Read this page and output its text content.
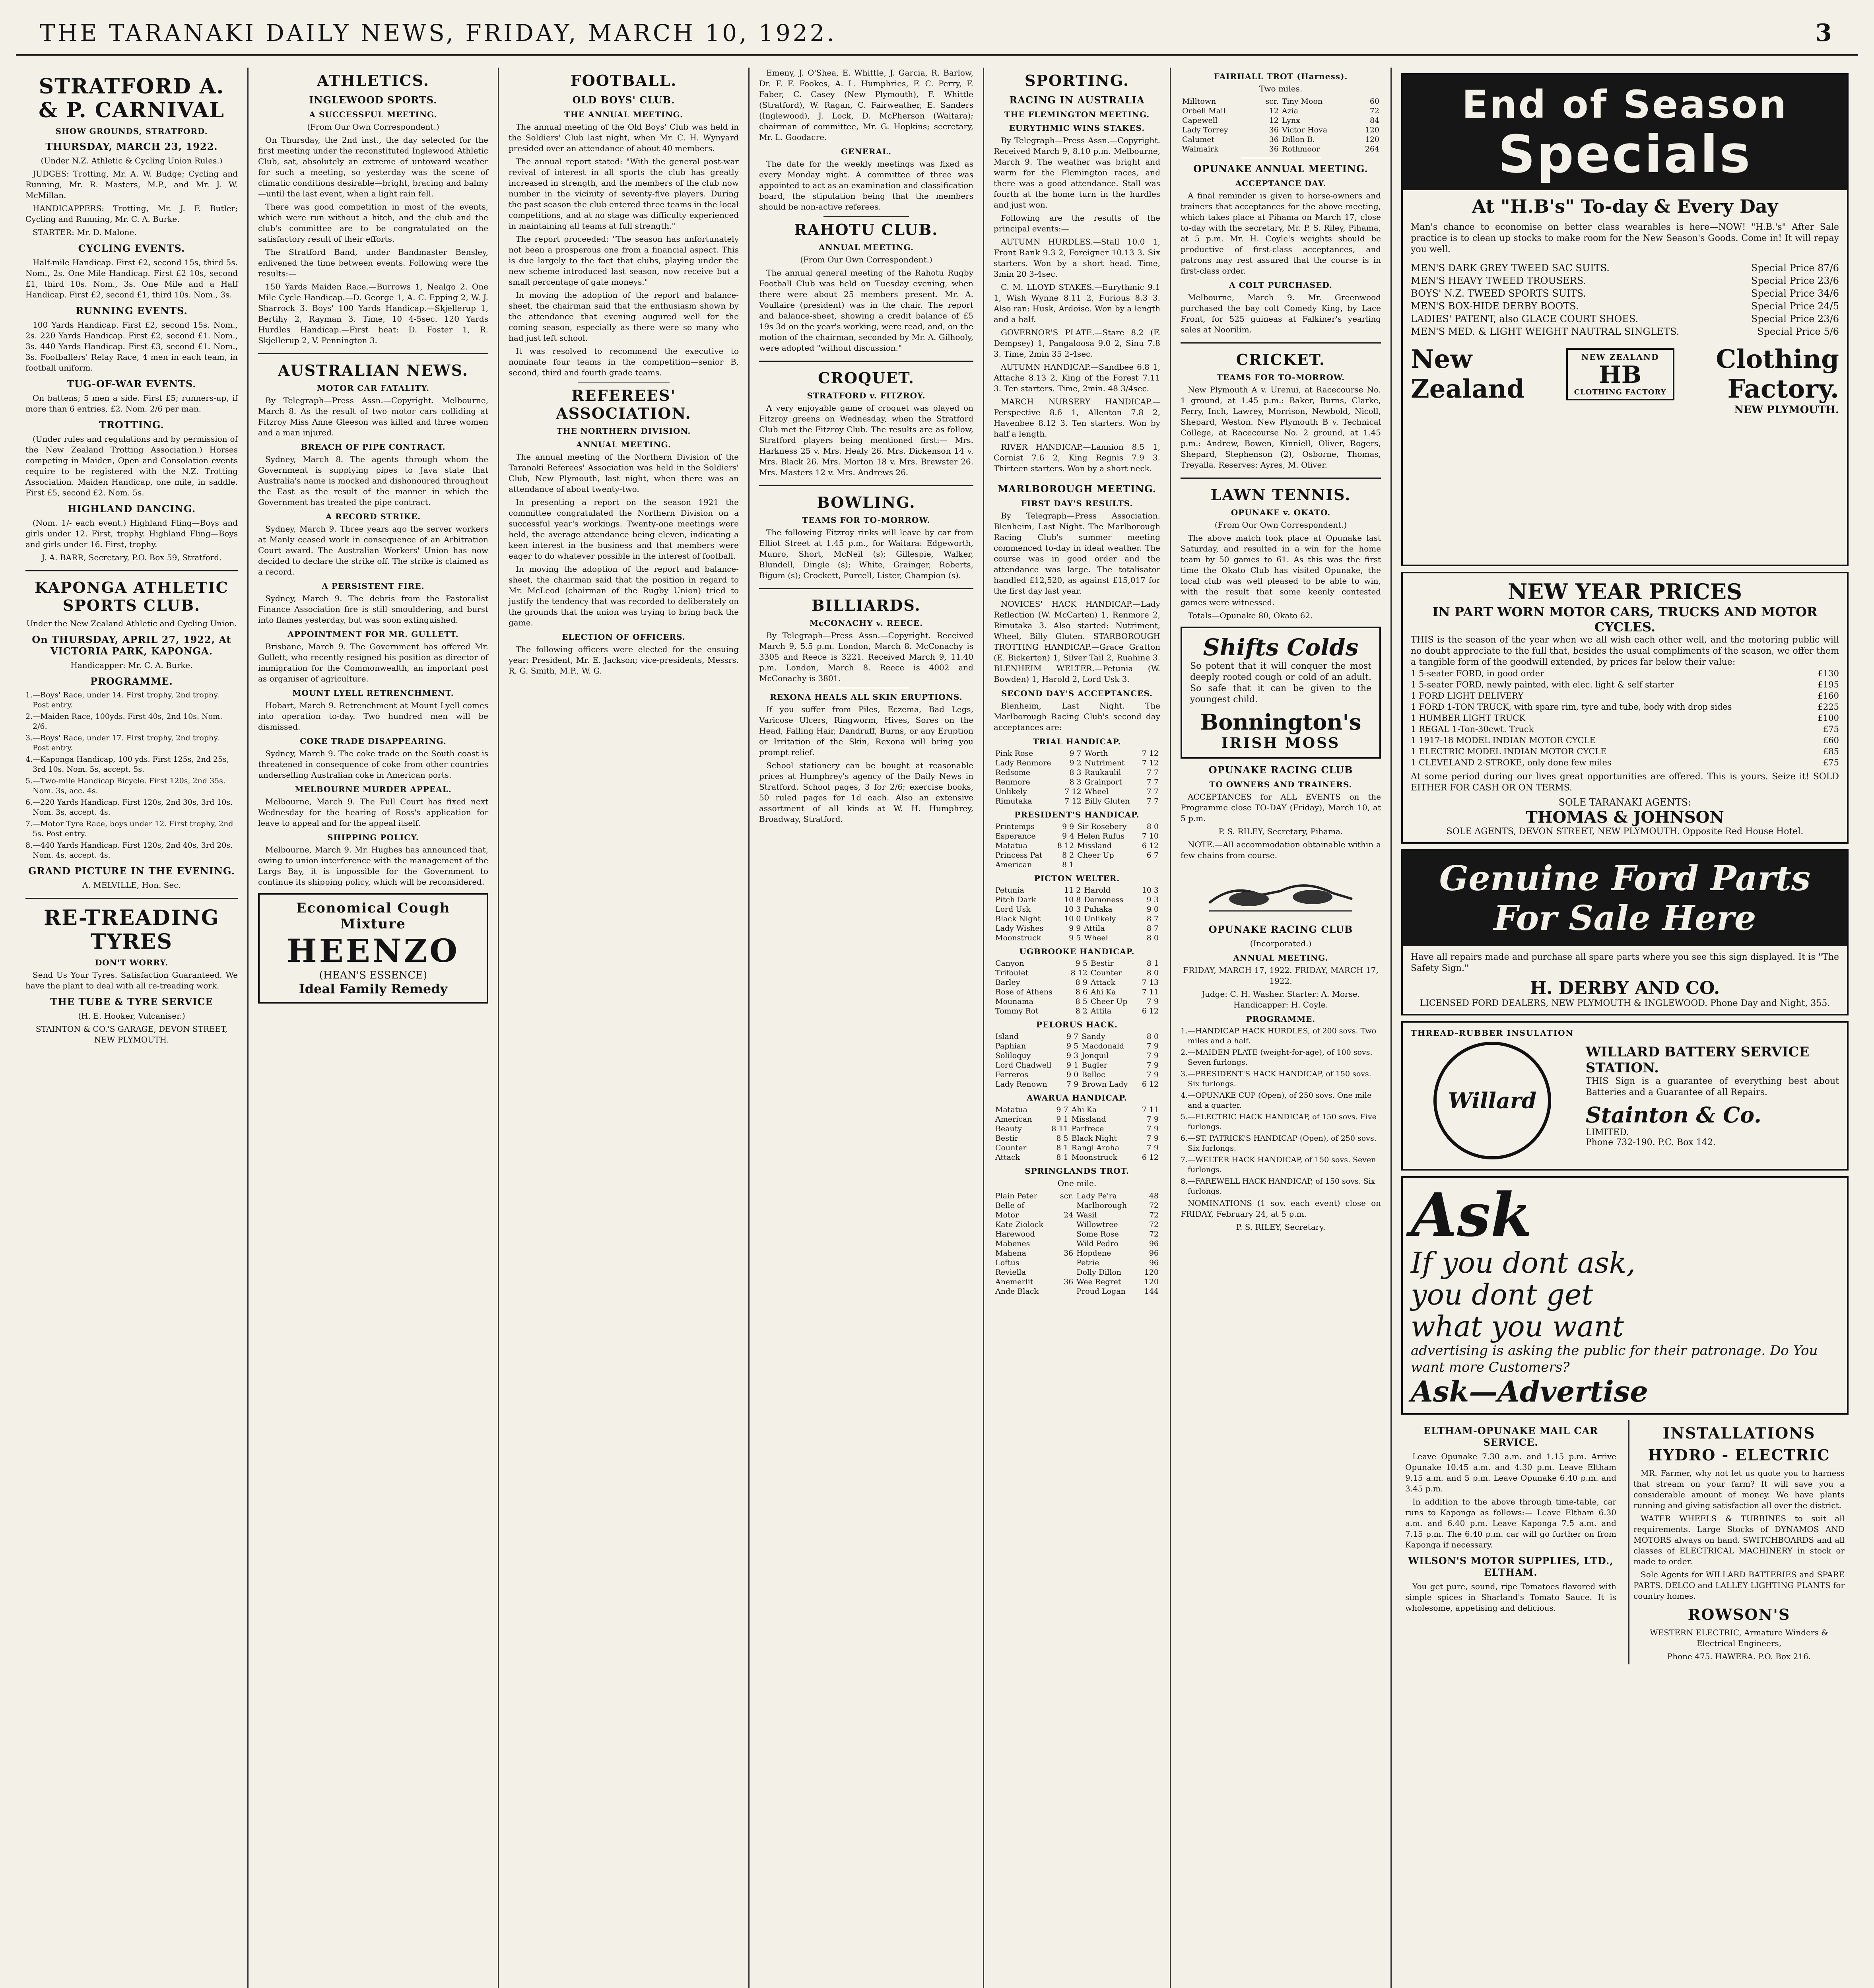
THE TARANAKI DAILY NEWS, FRIDAY, MARCH 10, 1922.	3
STRATFORD A. & P. CARNIVAL
SHOW GROUNDS, STRATFORD.
THURSDAY, MARCH 23, 1922.

(Under N.Z. Athletic & Cycling Union Rules.)

JUDGES: Trotting, Mr. A. W. Budge; Cycling and Running, Mr. R. Masters, M.P., and Mr. J. W. McMillan.

HANDICAPPERS: Trotting, Mr. J. F. Butler; Cycling and Running, Mr. C. A. Burke.

STARTER: Mr. D. Malone.

CYCLING EVENTS.

Half-mile Handicap. First £2, second 15s, third 5s. Nom., 2s. One Mile Handicap. First £2 10s, second £1, third 10s. Nom., 3s. One Mile and a Half Handicap. First £2, second £1, third 10s. Nom., 3s.

RUNNING EVENTS.

100 Yards Handicap. First £2, second 15s. Nom., 2s. 220 Yards Handicap. First £2, second £1. Nom., 3s. 440 Yards Handicap. First £3, second £1. Nom., 3s. Footballers' Relay Race, 4 men in each team, in football uniform.

TUG-OF-WAR EVENTS.

On battens; 5 men a side. First £5; runners-up, if more than 6 entries, £2. Nom. 2/6 per man.

TROTTING.

(Under rules and regulations and by permission of the New Zealand Trotting Association.) Horses competing in Maiden, Open and Consolation events require to be registered with the N.Z. Trotting Association. Maiden Handicap, one mile, in saddle. First £5, second £2. Nom. 5s.

HIGHLAND DANCING.

(Nom. 1/- each event.) Highland Fling—Boys and girls under 12. First, trophy. Highland Fling—Boys and girls under 16. First, trophy.

J. A. BARR, Secretary, P.O. Box 59, Stratford.

KAPONGA ATHLETIC SPORTS CLUB.

Under the New Zealand Athletic and Cycling Union.

On THURSDAY, APRIL 27, 1922, At VICTORIA PARK, KAPONGA.

Handicapper: Mr. C. A. Burke.

PROGRAMME.

1.—Boys' Race, under 14. First trophy, 2nd trophy. Post entry.

2.—Maiden Race, 100yds. First 40s, 2nd 10s. Nom. 2/6.

3.—Boys' Race, under 17. First trophy, 2nd trophy. Post entry.

4.—Kaponga Handicap, 100 yds. First 125s, 2nd 25s, 3rd 10s. Nom. 5s, accept. 5s.

5.—Two-mile Handicap Bicycle. First 120s, 2nd 35s. Nom. 3s, acc. 4s.

6.—220 Yards Handicap. First 120s, 2nd 30s, 3rd 10s. Nom. 3s, accept. 4s.

7.—Motor Tyre Race, boys under 12. First trophy, 2nd 5s. Post entry.

8.—440 Yards Handicap. First 120s, 2nd 40s, 3rd 20s. Nom. 4s, accept. 4s.

GRAND PICTURE IN THE EVENING.

A. MELVILLE, Hon. Sec.

RE-TREADING TYRES
DON'T WORRY.

Send Us Your Tyres. Satisfaction Guaranteed. We have the plant to deal with all re-treading work.

THE TUBE & TYRE SERVICE

(H. E. Hooker, Vulcaniser.)

STAINTON & CO.'S GARAGE, DEVON STREET, NEW PLYMOUTH.

ATHLETICS.
INGLEWOOD SPORTS.
A SUCCESSFUL MEETING.

(From Our Own Correspondent.)

On Thursday, the 2nd inst., the day selected for the first meeting under the reconstituted Inglewood Athletic Club, sat, absolutely an extreme of untoward weather for such a meeting, so yesterday was the scene of climatic conditions desirable—bright, bracing and balmy—until the last event, when a light rain fell.

There was good competition in most of the events, which were run without a hitch, and the club and the club's committee are to be congratulated on the satisfactory result of their efforts.

The Stratford Band, under Bandmaster Bensley, enlivened the time between events. Following were the results:—

150 Yards Maiden Race.—Burrows 1, Nealgo 2. One Mile Cycle Handicap.—D. George 1, A. C. Epping 2, W. J. Sharrock 3. Boys' 100 Yards Handicap.—Skjellerup 1, Bertihy 2, Rayman 3. Time, 10 4-5sec. 120 Yards Hurdles Handicap.—First heat: D. Foster 1, R. Skjellerup 2, V. Pennington 3.

AUSTRALIAN NEWS.
MOTOR CAR FATALITY.

By Telegraph—Press Assn.—Copyright. Melbourne, March 8. As the result of two motor cars colliding at Fitzroy Miss Anne Gleeson was killed and three women and a man injured.

BREACH OF PIPE CONTRACT.

Sydney, March 8. The agents through whom the Government is supplying pipes to Java state that Australia's name is mocked and dishonoured throughout the East as the result of the manner in which the Government has treated the pipe contract.

A RECORD STRIKE.

Sydney, March 9. Three years ago the server workers at Manly ceased work in consequence of an Arbitration Court award. The Australian Workers' Union has now decided to declare the strike off. The strike is claimed as a record.

A PERSISTENT FIRE.

Sydney, March 9. The debris from the Pastoralist Finance Association fire is still smouldering, and burst into flames yesterday, but was soon extinguished.

APPOINTMENT FOR MR. GULLETT.

Brisbane, March 9. The Government has offered Mr. Gullett, who recently resigned his position as director of immigration for the Commonwealth, an important post as organiser of agriculture.

MOUNT LYELL RETRENCHMENT.

Hobart, March 9. Retrenchment at Mount Lyell comes into operation to-day. Two hundred men will be dismissed.

COKE TRADE DISAPPEARING.

Sydney, March 9. The coke trade on the South coast is threatened in consequence of coke from other countries underselling Australian coke in American ports.

MELBOURNE MURDER APPEAL.

Melbourne, March 9. The Full Court has fixed next Wednesday for the hearing of Ross's application for leave to appeal and for the appeal itself.

SHIPPING POLICY.

Melbourne, March 9. Mr. Hughes has announced that, owing to union interference with the management of the Largs Bay, it is impossible for the Government to continue its shipping policy, which will be reconsidered.

Economical Cough Mixture
HEENZO
(HEAN'S ESSENCE)
Ideal Family Remedy
FOOTBALL.
OLD BOYS' CLUB.
THE ANNUAL MEETING.

The annual meeting of the Old Boys' Club was held in the Soldiers' Club last night, when Mr. C. H. Wynyard presided over an attendance of about 40 members.

The annual report stated: "With the general post-war revival of interest in all sports the club has greatly increased in strength, and the members of the club now number in the vicinity of seventy-five players. During the past season the club entered three teams in the local competitions, and at no stage was difficulty experienced in maintaining all teams at full strength."

The report proceeded: "The season has unfortunately not been a prosperous one from a financial aspect. This is due largely to the fact that clubs, playing under the new scheme introduced last season, now receive but a small percentage of gate moneys."

In moving the adoption of the report and balance-sheet, the chairman said that the enthusiasm shown by the attendance that evening augured well for the coming season, especially as there were so many who had just left school.

It was resolved to recommend the executive to nominate four teams in the competition—senior B, second, third and fourth grade teams.

REFEREES' ASSOCIATION.
THE NORTHERN DIVISION.
ANNUAL MEETING.

The annual meeting of the Northern Division of the Taranaki Referees' Association was held in the Soldiers' Club, New Plymouth, last night, when there was an attendance of about twenty-two.

In presenting a report on the season 1921 the committee congratulated the Northern Division on a successful year's workings. Twenty-one meetings were held, the average attendance being eleven, indicating a keen interest in the business and that members were eager to do whatever possible in the interest of football.

In moving the adoption of the report and balance-sheet, the chairman said that the position in regard to Mr. McLeod (chairman of the Rugby Union) tried to justify the tendency that was recorded to deliberately on the grounds that the union was trying to bring back the game.

ELECTION OF OFFICERS.

The following officers were elected for the ensuing year: President, Mr. E. Jackson; vice-presidents, Messrs. R. G. Smith, M.P., W. G.

Emeny, J. O'Shea, E. Whittle, J. Garcia, R. Barlow, Dr. F. F. Fookes, A. L. Humphries, F. C. Perry, F. Faber, C. Casey (New Plymouth), F. Whittle (Stratford), W. Ragan, C. Fairweather, E. Sanders (Inglewood), J. Lock, D. McPherson (Waitara); chairman of committee, Mr. G. Hopkins; secretary, Mr. L. Goodacre.

GENERAL.

The date for the weekly meetings was fixed as every Monday night. A committee of three was appointed to act as an examination and classification board, the stipulation being that the members should be non-active referees.

RAHOTU CLUB.
ANNUAL MEETING.

(From Our Own Correspondent.)

The annual general meeting of the Rahotu Rugby Football Club was held on Tuesday evening, when there were about 25 members present. Mr. A. Voullaire (president) was in the chair. The report and balance-sheet, showing a credit balance of £5 19s 3d on the year's working, were read, and, on the motion of the chairman, seconded by Mr. A. Gilhooly, were adopted "without discussion."

CROQUET.
STRATFORD v. FITZROY.

A very enjoyable game of croquet was played on Fitzroy greens on Wednesday, when the Stratford Club met the Fitzroy Club. The results are as follow, Stratford players being mentioned first:— Mrs. Harkness 25 v. Mrs. Healy 26. Mrs. Dickenson 14 v. Mrs. Black 26. Mrs. Morton 18 v. Mrs. Brewster 26. Mrs. Masters 12 v. Mrs. Andrews 26.

BOWLING.
TEAMS FOR TO-MORROW.

The following Fitzroy rinks will leave by car from Elliot Street at 1.45 p.m., for Waitara: Edgeworth, Munro, Short, McNeil (s); Gillespie, Walker, Blundell, Dingle (s); White, Grainger, Roberts, Bigum (s); Crockett, Purcell, Lister, Champion (s).

BILLIARDS.
McCONACHY v. REECE.

By Telegraph—Press Assn.—Copyright. Received March 9, 5.5 p.m. London, March 8. McConachy is 3305 and Reece is 3221. Received March 9, 11.40 p.m. London, March 8. Reece is 4002 and McConachy is 3801.

REXONA HEALS ALL SKIN ERUPTIONS.

If you suffer from Piles, Eczema, Bad Legs, Varicose Ulcers, Ringworm, Hives, Sores on the Head, Falling Hair, Dandruff, Burns, or any Eruption or Irritation of the Skin, Rexona will bring you prompt relief.

School stationery can be bought at reasonable prices at Humphrey's agency of the Daily News in Stratford. School pages, 3 for 2/6; exercise books, 50 ruled pages for 1d each. Also an extensive assortment of all kinds at W. H. Humphrey, Broadway, Stratford.

SPORTING.
RACING IN AUSTRALIA
THE FLEMINGTON MEETING.
EURYTHMIC WINS STAKES.

By Telegraph—Press Assn.—Copyright. Received March 9, 8.10 p.m. Melbourne, March 9. The weather was bright and warm for the Flemington races, and there was a good attendance. Stall was fourth at the home turn in the hurdles and just won.

Following are the results of the principal events:—

AUTUMN HURDLES.—Stall 10.0 1, Front Rank 9.3 2, Foreigner 10.13 3. Six starters. Won by a short head. Time, 3min 20 3-4sec.

C. M. LLOYD STAKES.—Eurythmic 9.1 1, Wish Wynne 8.11 2, Furious 8.3 3. Also ran: Husk, Ardoise. Won by a length and a half.

GOVERNOR'S PLATE.—Stare 8.2 (F. Dempsey) 1, Pangaloosa 9.0 2, Sinu 7.8 3. Time, 2min 35 2-4sec.

AUTUMN HANDICAP.—Sandbee 6.8 1, Attache 8.13 2, King of the Forest 7.11 3. Ten starters. Time, 2min. 48 3/4sec.

MARCH NURSERY HANDICAP.—Perspective 8.6 1, Allenton 7.8 2, Havenbee 8.12 3. Ten starters. Won by half a length.

RIVER HANDICAP.—Lannion 8.5 1, Cornist 7.6 2, King Regnis 7.9 3. Thirteen starters. Won by a short neck.

MARLBOROUGH MEETING.
FIRST DAY'S RESULTS.

By Telegraph—Press Association. Blenheim, Last Night. The Marlborough Racing Club's summer meeting commenced to-day in ideal weather. The course was in good order and the attendance was large. The totalisator handled £12,520, as against £15,017 for the first day last year.

NOVICES' HACK HANDICAP.—Lady Reflection (W. McCarten) 1, Renmore 2, Rimutaka 3. Also started: Nutriment, Wheel, Billy Gluten. STARBOROUGH TROTTING HANDICAP.—Grace Gratton (E. Bickerton) 1, Silver Tail 2, Ruahine 3. BLENHEIM WELTER.—Petunia (W. Bowden) 1, Harold 2, Lord Usk 3.

SECOND DAY'S ACCEPTANCES.

Blenheim, Last Night. The Marlborough Racing Club's second day acceptances are:

TRIAL HANDICAP.
Pink Rose	9 7	Worth	7 12
Lady Renmore	9 2	Nutriment	7 12
Redsome	8 3	Raukaulil	7 7
Renmore	8 3	Grainport	7 7
Unlikely	7 12	Wheel	7 7
Rimutaka	7 12	Billy Gluten	7 7
PRESIDENT'S HANDICAP.
Printemps	9 9	Sir Rosebery	8 0
Esperance	9 4	Helen Rufus	7 10
Matatua	8 12	Missland	6 12
Princess Pat	8 2	Cheer Up	6 7
American	8 1		
PICTON WELTER.
Petunia	11 2	Harold	10 3
Pitch Dark	10 8	Demoness	9 3
Lord Usk	10 3	Puhaka	9 0
Black Night	10 0	Unlikely	8 7
Lady Wishes	9 9	Attila	8 7
Moonstruck	9 5	Wheel	8 0
UGBROOKE HANDICAP.
Canyon	9 5	Bestir	8 1
Trifoulet	8 12	Counter	8 0
Barley	8 9	Attack	7 13
Rose of Athens	8 6	Ahi Ka	7 11
Mounama	8 5	Cheer Up	7 9
Tommy Rot	8 2	Attila	6 12
PELORUS HACK.
Island	9 7	Sandy	8 0
Paphian	9 5	Macdonald	7 9
Soliloquy	9 3	Jonquil	7 9
Lord Chadwell	9 1	Bugler	7 9
Ferreros	9 0	Belloc	7 9
Lady Renown	7 9	Brown Lady	6 12
AWARUA HANDICAP.
Matatua	9 7	Ahi Ka	7 11
American	9 1	Missland	7 9
Beauty	8 11	Parfrece	7 9
Bestir	8 5	Black Night	7 9
Counter	8 1	Rangi Aroha	7 9
Attack	8 1	Moonstruck	6 12
SPRINGLANDS TROT.

One mile.

Plain Peter	scr.	Lady Pe'ra	48
Belle of		Marlborough	72
Motor	24	Wasil	72
Kate Ziolock		Willowtree	72
Harewood		Some Rose	72
Mabenes		Wild Pedro	96
Mahena	36	Hopdene	96
Loftus		Petrie	96
Reviella		Dolly Dillon	120
Anemerlit	36	Wee Regret	120
Ande Black		Proud Logan	144
FAIRHALL TROT (Harness).

Two miles.

Milltown	scr.	Tiny Moon	60
Orbell Mail	12	Azia	72
Capewell	12	Lynx	84
Lady Torrey	36	Victor Hova	120
Calumet	36	Dillon B.	120
Walmairk	36	Rothmoor	264
OPUNAKE ANNUAL MEETING.
ACCEPTANCE DAY.

A final reminder is given to horse-owners and trainers that acceptances for the above meeting, which takes place at Pihama on March 17, close to-day with the secretary, Mr. P. S. Riley, Pihama, at 5 p.m. Mr. H. Coyle's weights should be productive of first-class acceptances, and patrons may rest assured that the course is in first-class order.

A COLT PURCHASED.

Melbourne, March 9. Mr. Greenwood purchased the bay colt Comedy King, by Lace Front, for 525 guineas at Falkiner's yearling sales at Noorilim.

CRICKET.
TEAMS FOR TO-MORROW.

New Plymouth A v. Urenui, at Racecourse No. 1 ground, at 1.45 p.m.: Baker, Burns, Clarke, Ferry, Inch, Lawrey, Morrison, Newbold, Nicoll, Shepard, Weston. New Plymouth B v. Technical College, at Racecourse No. 2 ground, at 1.45 p.m.: Andrew, Bowen, Kinniell, Oliver, Rogers, Shepard, Stephenson (2), Osborne, Thomas, Treyalla. Reserves: Ayres, M. Oliver.

LAWN TENNIS.
OPUNAKE v. OKATO.

(From Our Own Correspondent.)

The above match took place at Opunake last Saturday, and resulted in a win for the home team by 50 games to 61. As this was the first time the Okato Club has visited Opunake, the local club was well pleased to be able to win, with the result that some keenly contested games were witnessed.

Totals—Opunake 80, Okato 62.

Shifts Colds
So potent that it will conquer the most deeply rooted cough or cold of an adult. So safe that it can be given to the youngest child.
Bonnington's
IRISH MOSS
OPUNAKE RACING CLUB
TO OWNERS AND TRAINERS.

ACCEPTANCES for ALL EVENTS on the Programme close TO-DAY (Friday), March 10, at 5 p.m.

P. S. RILEY, Secretary, Pihama.

NOTE.—All accommodation obtainable within a few chains from course.

OPUNAKE RACING CLUB

(Incorporated.)

ANNUAL MEETING.

FRIDAY, MARCH 17, 1922. FRIDAY, MARCH 17, 1922.

Judge: C. H. Washer. Starter: A. Morse. Handicapper: H. Coyle.

PROGRAMME.

1.—HANDICAP HACK HURDLES, of 200 sovs. Two miles and a half.

2.—MAIDEN PLATE (weight-for-age), of 100 sovs. Seven furlongs.

3.—PRESIDENT'S HACK HANDICAP, of 150 sovs. Six furlongs.

4.—OPUNAKE CUP (Open), of 250 sovs. One mile and a quarter.

5.—ELECTRIC HACK HANDICAP, of 150 sovs. Five furlongs.

6.—ST. PATRICK'S HANDICAP (Open), of 250 sovs. Six furlongs.

7.—WELTER HACK HANDICAP, of 150 sovs. Seven furlongs.

8.—FAREWELL HACK HANDICAP, of 150 sovs. Six furlongs.

NOMINATIONS (1 sov. each event) close on FRIDAY, February 24, at 5 p.m.

P. S. RILEY, Secretary.

End of Season
Specials
At "H.B's" To-day & Every Day
Man's chance to economise on better class wearables is here—NOW! "H.B.'s" After Sale practice is to clean up stocks to make room for the New Season's Goods. Come in! It will repay you well.
MEN'S DARK GREY TWEED SAC SUITS.	Special Price 87/6
MEN'S HEAVY TWEED TROUSERS.	Special Price 23/6
BOYS' N.Z. TWEED SPORTS SUITS.	Special Price 34/6
MEN'S BOX-HIDE DERBY BOOTS.	Special Price 24/5
LADIES' PATENT, also GLACE COURT SHOES.	Special Price 23/6
MEN'S MED. & LIGHT WEIGHT NAUTRAL SINGLETS.	Special Price 5/6
New
Zealand
NEW ZEALAND
HB
CLOTHING FACTORY
Clothing
Factory.
NEW PLYMOUTH.
NEW YEAR PRICES
IN PART WORN MOTOR CARS, TRUCKS AND MOTOR CYCLES.
THIS is the season of the year when we all wish each other well, and the motoring public will no doubt appreciate to the full that, besides the usual compliments of the season, we offer them a tangible form of the goodwill extended, by prices far below their value:
1 5-seater FORD, in good order	£130
1 5-seater FORD, newly painted, with elec. light & self starter	£195
1 FORD LIGHT DELIVERY	£160
1 FORD 1-TON TRUCK, with spare rim, tyre and tube, body with drop sides	£225
1 HUMBER LIGHT TRUCK	£100
1 REGAL 1-Ton-30cwt. Truck	£75
1 1917-18 MODEL INDIAN MOTOR CYCLE	£60
1 ELECTRIC MODEL INDIAN MOTOR CYCLE	£85
1 CLEVELAND 2-STROKE, only done few miles	£75
At some period during our lives great opportunities are offered. This is yours. Seize it! SOLD EITHER FOR CASH OR ON TERMS.
SOLE TARANAKI AGENTS:
THOMAS & JOHNSON
SOLE AGENTS, DEVON STREET, NEW PLYMOUTH. Opposite Red House Hotel.
Genuine Ford Parts
For Sale Here
Have all repairs made and purchase all spare parts where you see this sign displayed. It is "The Safety Sign."
H. DERBY AND CO.
LICENSED FORD DEALERS, NEW PLYMOUTH & INGLEWOOD. Phone Day and Night, 355.
THREAD-RUBBER INSULATION
Willard
WILLARD BATTERY SERVICE STATION.
THIS Sign is a guarantee of everything best about Batteries and a Guarantee of all Repairs.
Stainton & Co.
LIMITED.
Phone 732-190. P.C. Box 142.
Ask
If you dont ask,
you dont get
what you want
advertising is asking the public for their patronage. Do You want more Customers?
Ask—Advertise
ELTHAM-OPUNAKE MAIL CAR SERVICE.

Leave Opunake 7.30 a.m. and 1.15 p.m. Arrive Opunake 10.45 a.m. and 4.30 p.m. Leave Eltham 9.15 a.m. and 5 p.m. Leave Opunake 6.40 p.m. and 3.45 p.m.

In addition to the above through time-table, car runs to Kaponga as follows:— Leave Eltham 6.30 a.m. and 6.40 p.m. Leave Kaponga 7.5 a.m. and 7.15 p.m. The 6.40 p.m. car will go further on from Kaponga if necessary.

WILSON'S MOTOR SUPPLIES, LTD., ELTHAM.

You get pure, sound, ripe Tomatoes flavored with simple spices in Sharland's Tomato Sauce. It is wholesome, appetising and delicious.

INSTALLATIONS
HYDRO - ELECTRIC

MR. Farmer, why not let us quote you to harness that stream on your farm? It will save you a considerable amount of money. We have plants running and giving satisfaction all over the district.

WATER WHEELS & TURBINES to suit all requirements. Large Stocks of DYNAMOS AND MOTORS always on hand. SWITCHBOARDS and all classes of ELECTRICAL MACHINERY in stock or made to order.

Sole Agents for WILLARD BATTERIES and SPARE PARTS. DELCO and LALLEY LIGHTING PLANTS for country homes.

ROWSON'S

WESTERN ELECTRIC, Armature Winders & Electrical Engineers,

Phone 475. HAWERA. P.O. Box 216.
